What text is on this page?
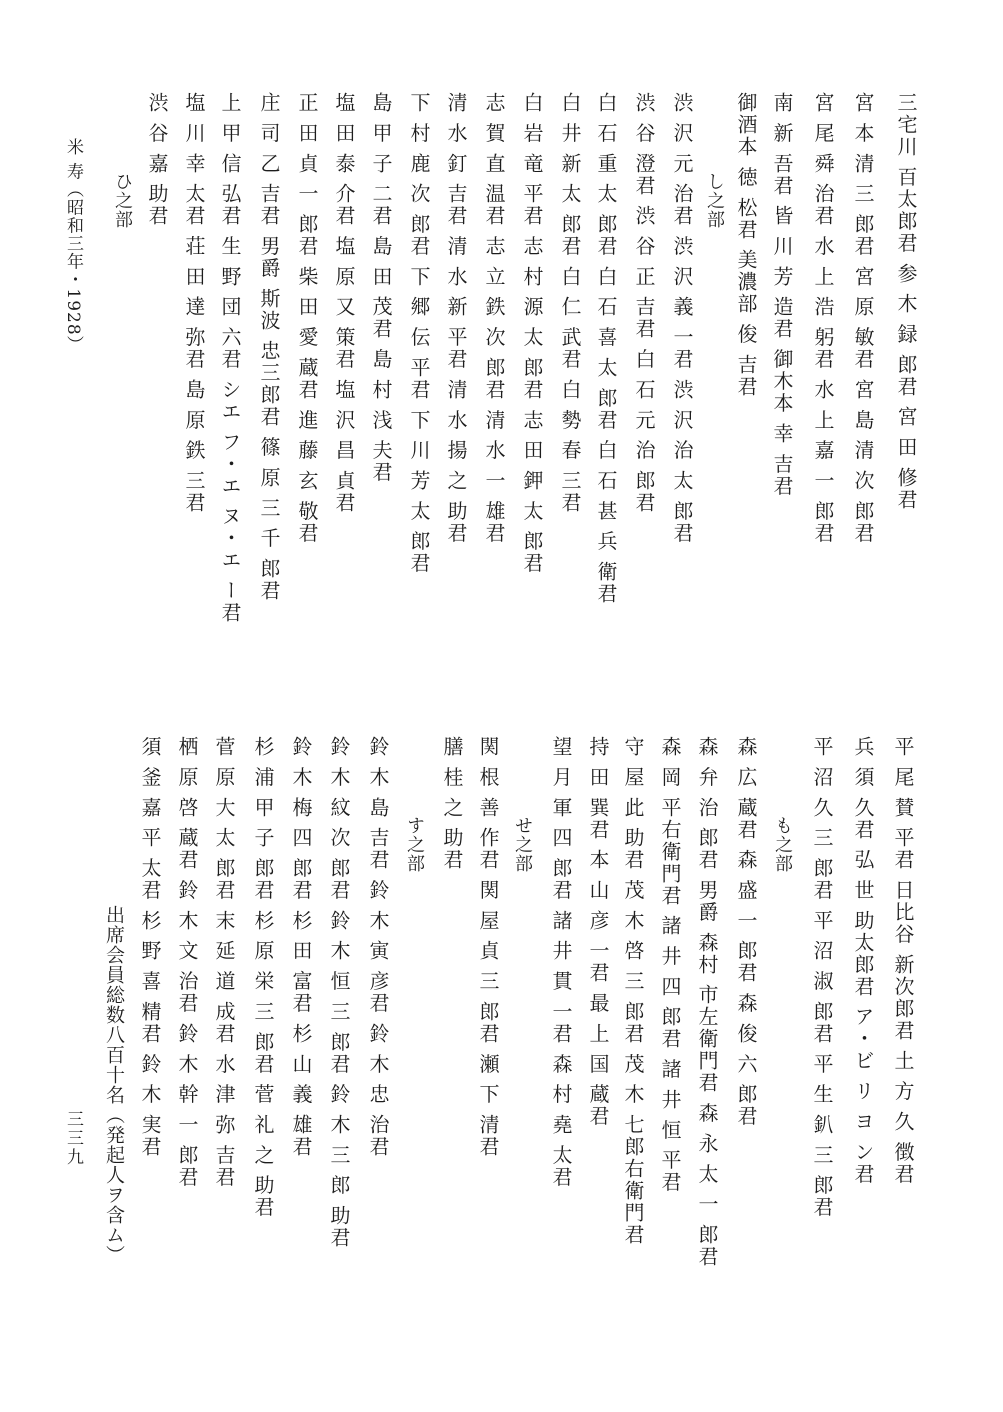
米 寿（昭和三年・1928）
三三九 出席会員総数八百十名（発起人ヲ含ム）
三宅川 百太郎君 参 木 録 郎君 宮 田 修君
宮 本 清 三 郎君 宮 原 敏君 宮 島 清 次 郎君
宮 尾 舜 治君 水 上 浩 躬君 水 上 嘉 一 郎君
南 新 吾君 皆 川 芳 造君 御木本 幸 吉君
御酒本 徳 松君 美濃部 俊 吉君
し之部
渋 沢 元 治君 渋 沢 義 一君 渋 沢 治 太 郎君
渋 谷 澄君 渋 谷 正 吉君 白 石 元 治 郎君
白 石 重 太 郎君 白 石 喜 太 郎君 白 石 甚 兵 衛君
白 井 新 太 郎君 白 仁 武君 白 勢 春 三君
白 岩 竜 平君 志 村 源 太 郎君 志 田 鉀 太 郎君
志 賀 直 温君 志 立 鉄 次 郎君 清 水 一 雄君
清 水 釘 吉君 清 水 新 平君 清 水 揚 之 助君
下 村 鹿 次 郎君 下 郷 伝 平君 下 川 芳 太 郎君
島 甲 子 二君 島 田 茂君 島 村 浅 夫君
塩 田 泰 介君 塩 原 又 策君 塩 沢 昌 貞君
正 田 貞 一 郎君 柴 田 愛 蔵君 進 藤 玄 敬君
庄 司 乙 吉君 男爵 斯波 忠三郎君 篠 原 三 千 郎君
上 甲 信 弘君 生 野 団 六君 シエ フ・エ ヌ・エ ー君
塩 川 幸 太君 荘 田 達 弥君 島 原 鉄 三君
渋 谷 嘉 助君
ひ之部
平 尾 賛 平君 日比谷 新次郎君 土 方 久 徴君
兵 須 久君 弘 世 助太郎君 ア・ビ リ ヨ ン君
平 沼 久 三 郎君 平 沼 淑 郎君 平 生 釟 三 郎君
も之部
森 広 蔵君 森 盛 一 郎君 森 俊 六 郎君
森 弁 治 郎君 男爵 森村 市左衛門君 森 永 太 一 郎君
森 岡 平右衛門君 諸 井 四 郎君 諸 井 恒 平君
守 屋 此 助君 茂 木 啓 三 郎君 茂 木 七郎右衛門君
持 田 巽君 本 山 彦 一君 最 上 国 蔵君
望 月 軍 四 郎君 諸 井 貫 一君 森 村 堯 太君
せ之部
関 根 善 作君 関 屋 貞 三 郎君 瀬 下 清君
膳 桂 之 助君
す之部
鈴 木 島 吉君 鈴 木 寅 彦君 鈴 木 忠 治君
鈴 木 紋 次 郎君 鈴 木 恒 三 郎君 鈴 木 三 郎 助君
鈴 木 梅 四 郎君 杉 田 富君 杉 山 義 雄君
杉 浦 甲 子 郎君 杉 原 栄 三 郎君 菅 礼 之 助君
菅 原 大 太 郎君 末 延 道 成君 水 津 弥 吉君
栖 原 啓 蔵君 鈴 木 文 治君 鈴 木 幹 一 郎君
須 釜 嘉 平 太君 杉 野 喜 精君 鈴 木 実君
